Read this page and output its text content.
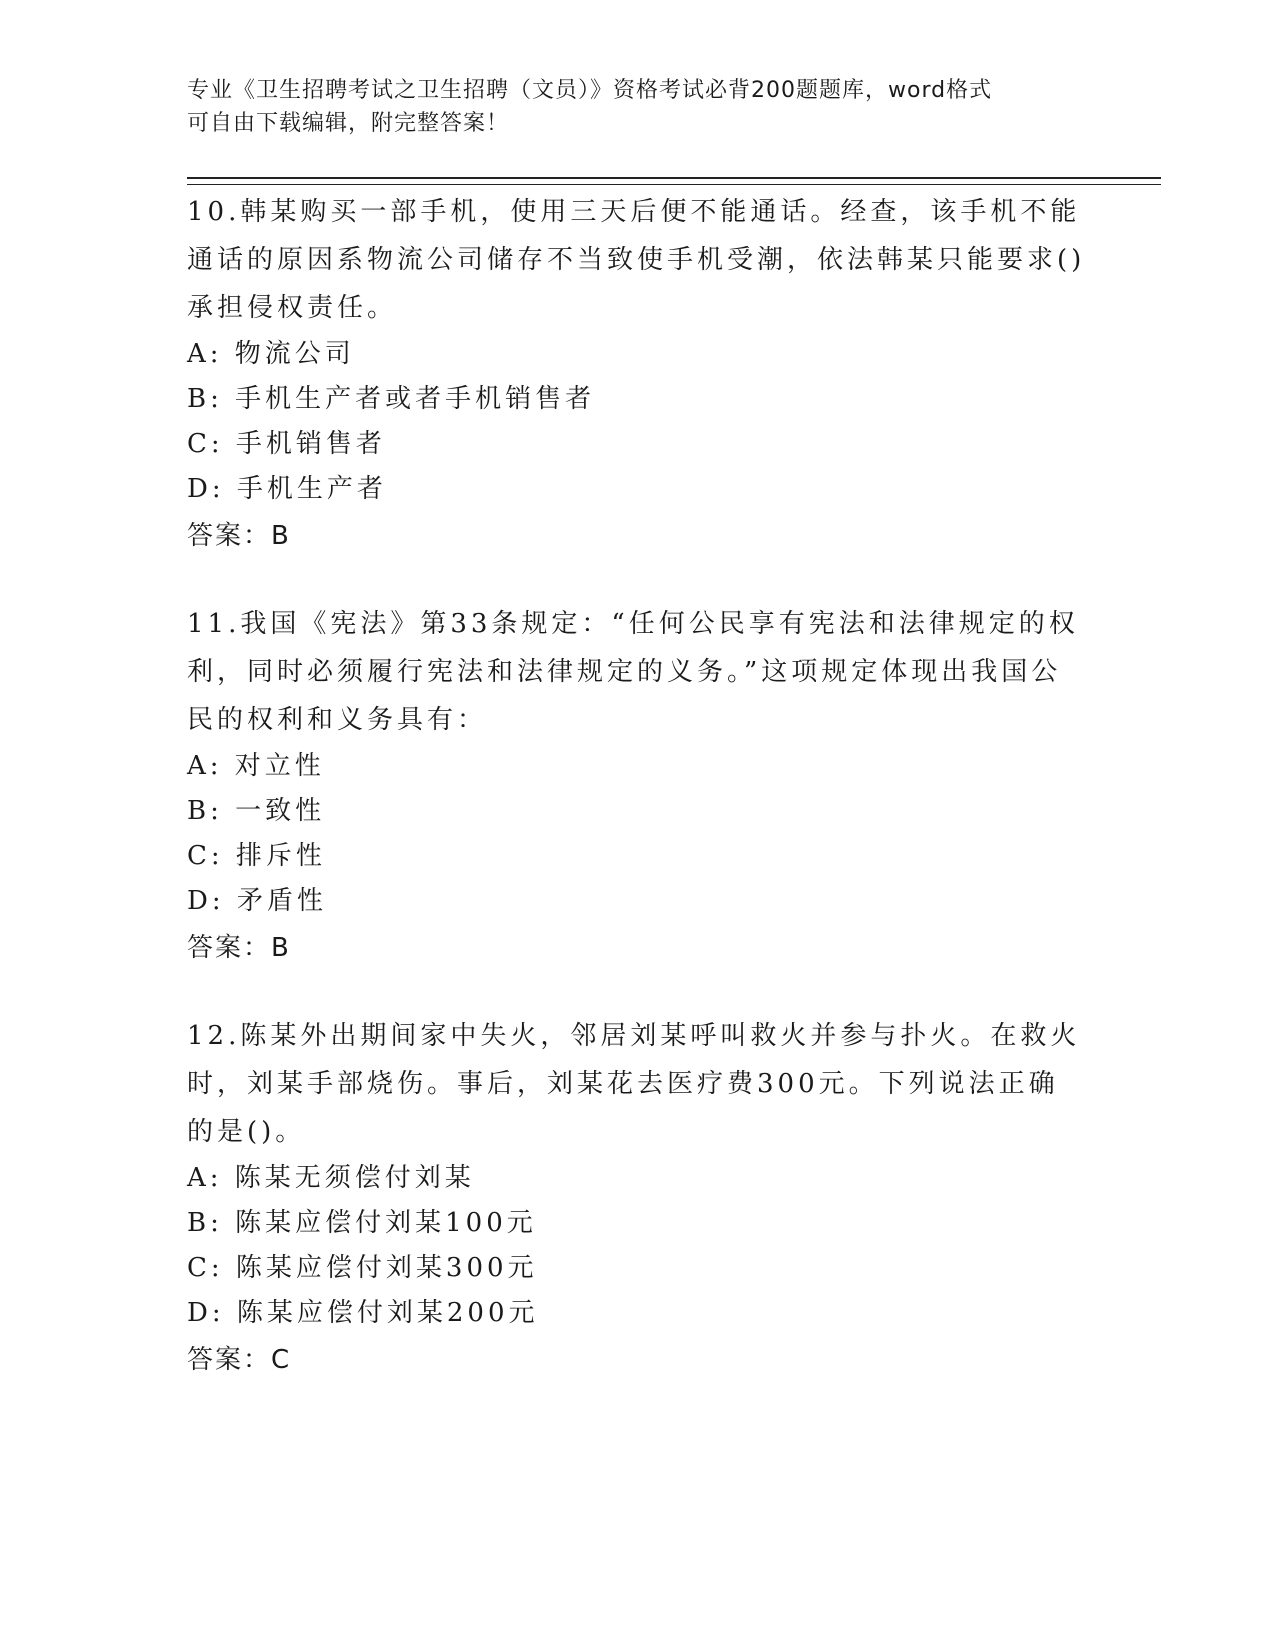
专业《卫生招聘考试之卫生招聘（文员）》资格考试必背200题题库，word格式
可自由下载编辑，附完整答案！

10.韩某购买一部手机，使用三天后便不能通话。经查，该手机不能通话的原因系物流公司储存不当致使手机受潮，依法韩某只能要求()承担侵权责任。

A: 物流公司

B: 手机生产者或者手机销售者

C: 手机销售者

D: 手机生产者

答案：B

11.我国《宪法》第33条规定：“任何公民享有宪法和法律规定的权利，同时必须履行宪法和法律规定的义务。”这项规定体现出我国公民的权利和义务具有：

A: 对立性

B: 一致性

C: 排斥性

D: 矛盾性

答案：B

12.陈某外出期间家中失火，邻居刘某呼叫救火并参与扑火。在救火时，刘某手部烧伤。事后，刘某花去医疗费300元。下列说法正确的是()。

A: 陈某无须偿付刘某

B: 陈某应偿付刘某100元

C: 陈某应偿付刘某300元

D: 陈某应偿付刘某200元

答案：C
